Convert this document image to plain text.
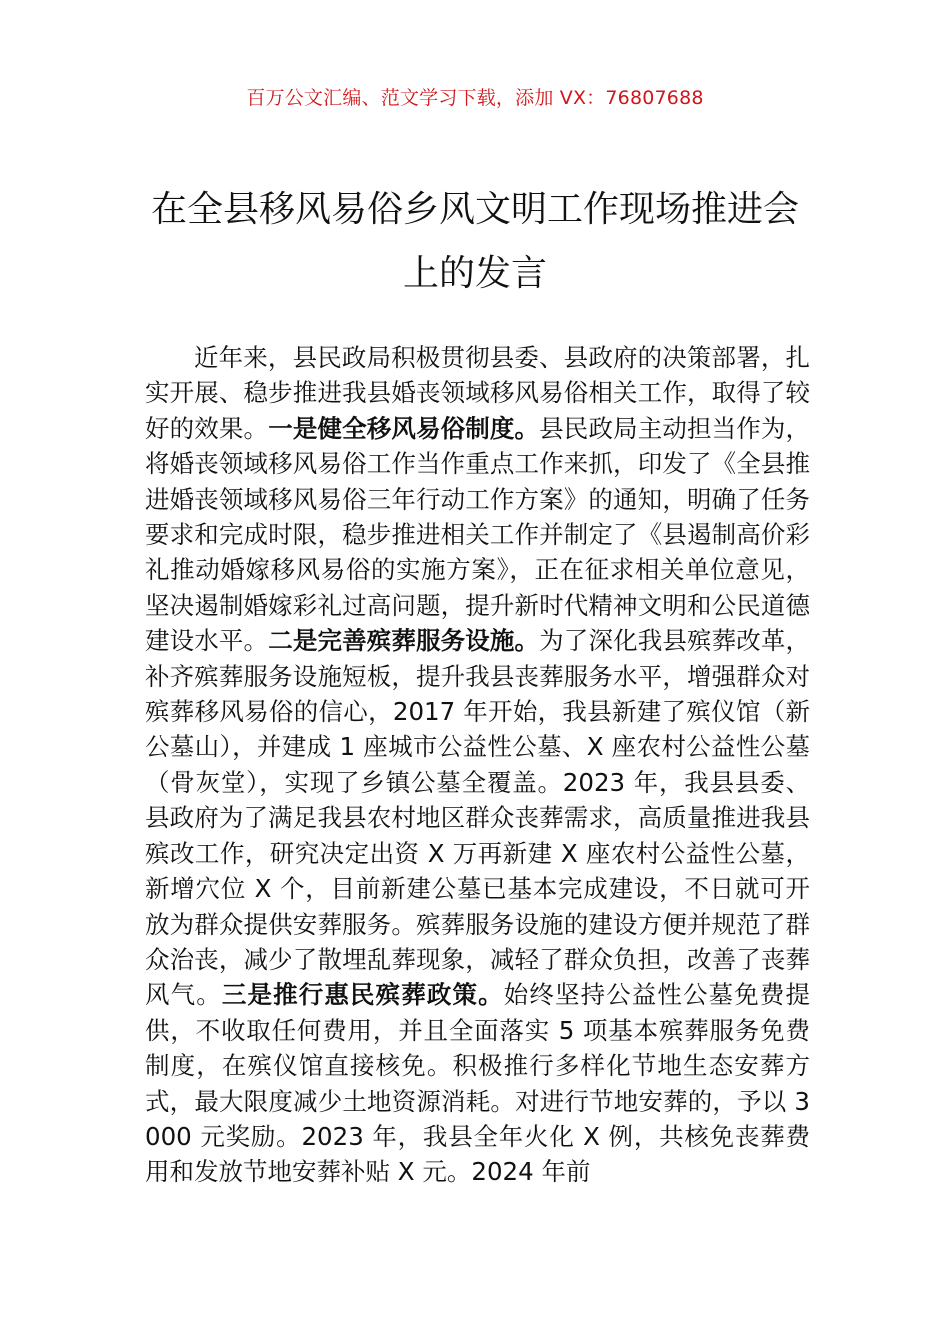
百万公文汇编、范文学习下载，添加 VX：76807688
在全县移风易俗乡风文明工作现场推进会
上的发言

近年来，县民政局积极贯彻县委、县政府的决策部署，扎实开展、稳步推进我县婚丧领域移风易俗相关工作，取得了较好的效果。一是健全移风易俗制度。县民政局主动担当作为，将婚丧领域移风易俗工作当作重点工作来抓，印发了《全县推进婚丧领域移风易俗三年行动工作方案》的通知，明确了任务要求和完成时限，稳步推进相关工作并制定了《县遏制高价彩礼推动婚嫁移风易俗的实施方案》，正在征求相关单位意见，坚决遏制婚嫁彩礼过高问题，提升新时代精神文明和公民道德建设水平。二是完善殡葬服务设施。为了深化我县殡葬改革，补齐殡葬服务设施短板，提升我县丧葬服务水平，增强群众对殡葬移风易俗的信心，2017 年开始，我县新建了殡仪馆（新公墓山），并建成 1 座城市公益性公墓、X 座农村公益性公墓（骨灰堂），实现了乡镇公墓全覆盖。2023 年，我县县委、县政府为了满足我县农村地区群众丧葬需求，高质量推进我县殡改工作，研究决定出资 X 万再新建 X 座农村公益性公墓，新增穴位 X 个，目前新建公墓已基本完成建设，不日就可开放为群众提供安葬服务。殡葬服务设施的建设方便并规范了群众治丧，减少了散埋乱葬现象，减轻了群众负担，改善了丧葬风气。三是推行惠民殡葬政策。始终坚持公益性公墓免费提供，不收取任何费用，并且全面落实 5 项基本殡葬服务免费制度，在殡仪馆直接核免。积极推行多样化节地生态安葬方式，最大限度减少土地资源消耗。对进行节地安葬的，予以 3000 元奖励。2023 年，我县全年火化 X 例，共核免丧葬费用和发放节地安葬补贴 X 元。2024 年前
